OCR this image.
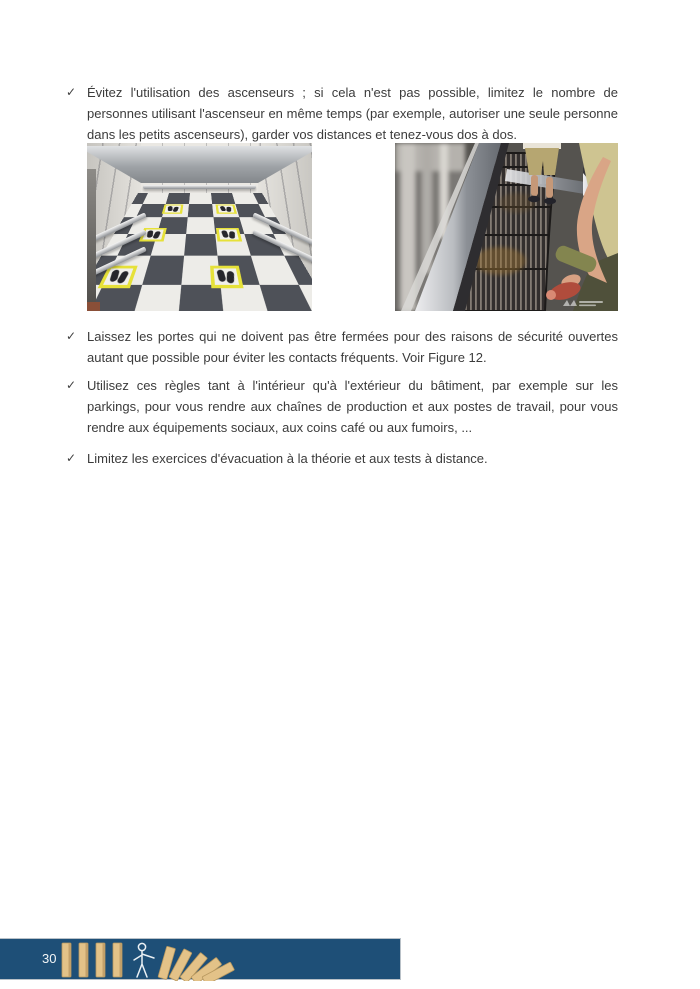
✓ Évitez l'utilisation des ascenseurs ; si cela n'est pas possible, limitez le nombre de personnes utilisant l'ascenseur en même temps (par exemple, autoriser une seule personne dans les petits ascenseurs), garder vos distances et tenez-vous dos à dos.
✓ Laissez les portes qui ne doivent pas être fermées pour des raisons de sécurité ouvertes autant que possible pour éviter les contacts fréquents. Voir Figure 12.
✓ Utilisez ces règles tant à l'intérieur qu'à l'extérieur du bâtiment, par exemple sur les parkings, pour vous rendre aux chaînes de production et aux postes de travail, pour vous rendre aux équipements sociaux, aux coins café ou aux fumoirs, ...
✓ Limitez les exercices d'évacuation à la théorie et aux tests à distance.
30
